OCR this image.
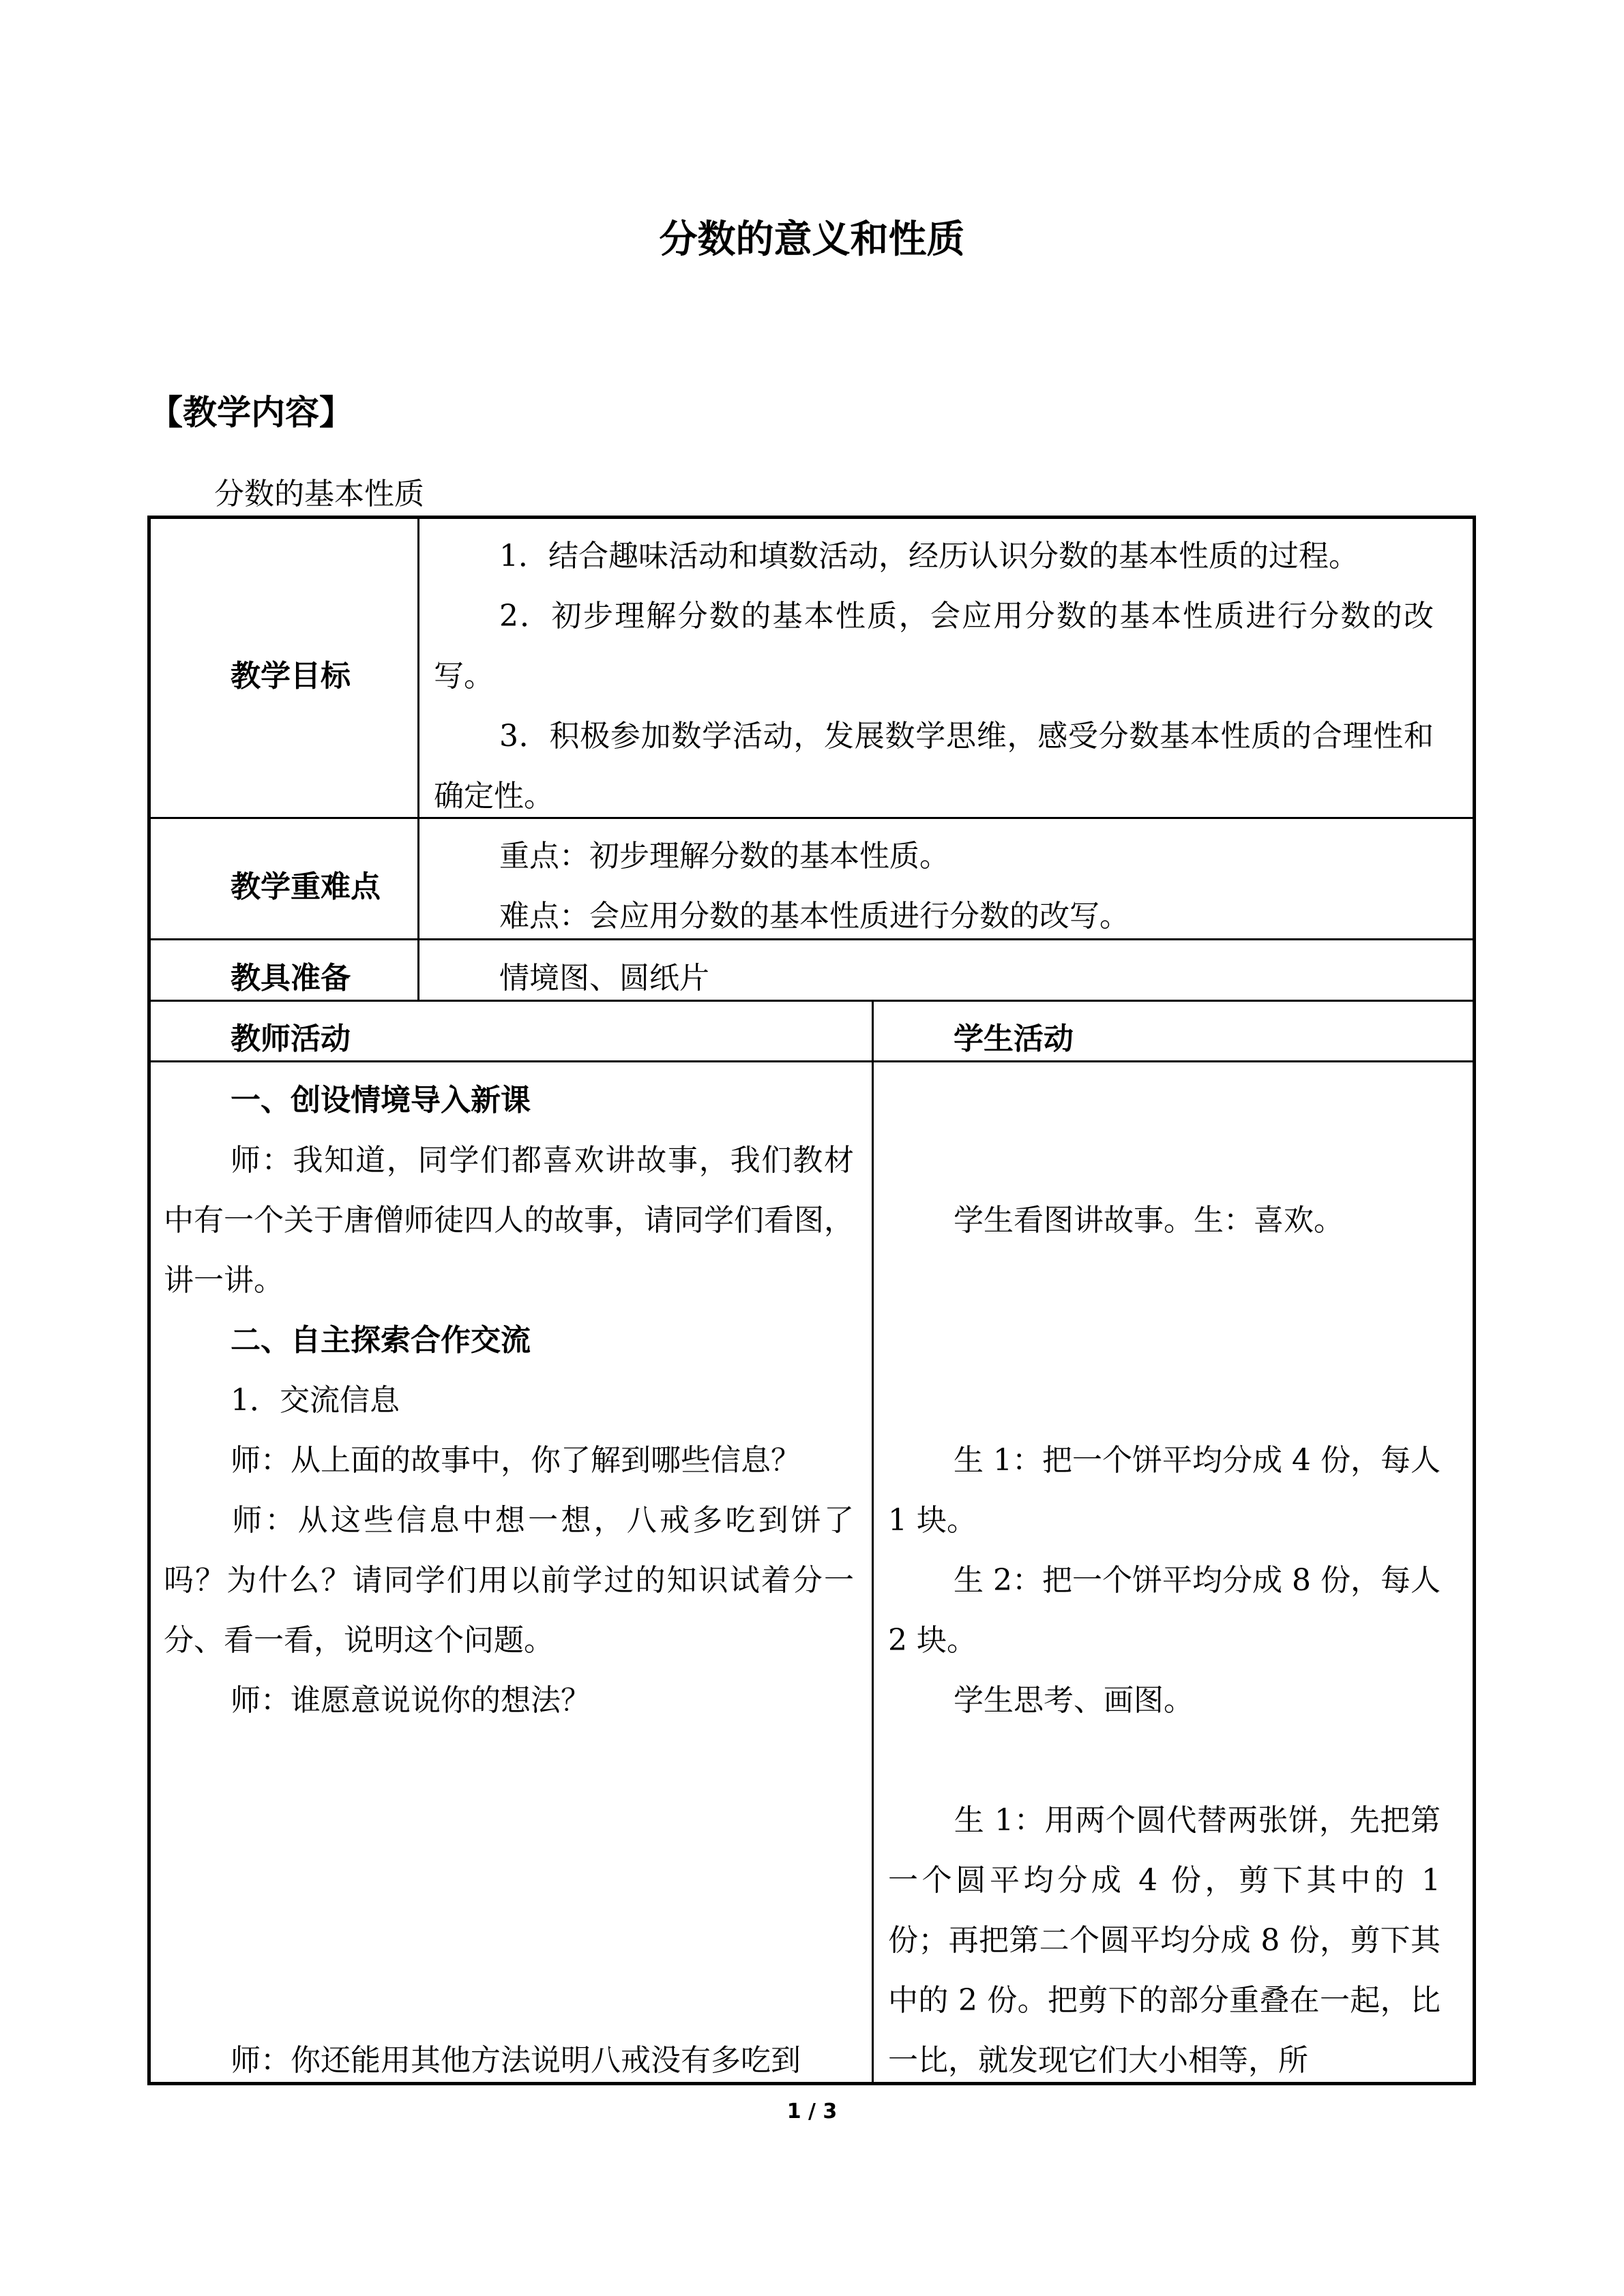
分数的意义和性质
【教学内容】
分数的基本性质
教学目标
1．结合趣味活动和填数活动，经历认识分数的基本性质的过程。
2．初步理解分数的基本性质，会应用分数的基本性质进行分数的改写。
3．积极参加数学活动，发展数学思维，感受分数基本性质的合理性和确定性。
教学重难点
重点：初步理解分数的基本性质。
难点：会应用分数的基本性质进行分数的改写。
教具准备	情境图、圆纸片
教师活动	学生活动
一、创设情境导入新课
师：我知道，同学们都喜欢讲故事，我们教材中有一个关于唐僧师徒四人的故事，请同学们看图，讲一讲。
二、自主探索合作交流
1．交流信息
师：从上面的故事中，你了解到哪些信息？
师：从这些信息中想一想，八戒多吃到饼了吗？为什么？请同学们用以前学过的知识试着分一分、看一看，说明这个问题。
师：谁愿意说说你的想法？
师：你还能用其他方法说明八戒没有多吃到
学生看图讲故事。生：喜欢。
生 1：把一个饼平均分成 4 份，每人 1 块。
生 2：把一个饼平均分成 8 份，每人 2 块。
学生思考、画图。
生 1：用两个圆代替两张饼，先把第一个圆平均分成 4 份，剪下其中的 1 份；再把第二个圆平均分成 8 份，剪下其中的 2 份。把剪下的部分重叠在一起，比一比，就发现它们大小相等，所
1 / 3
